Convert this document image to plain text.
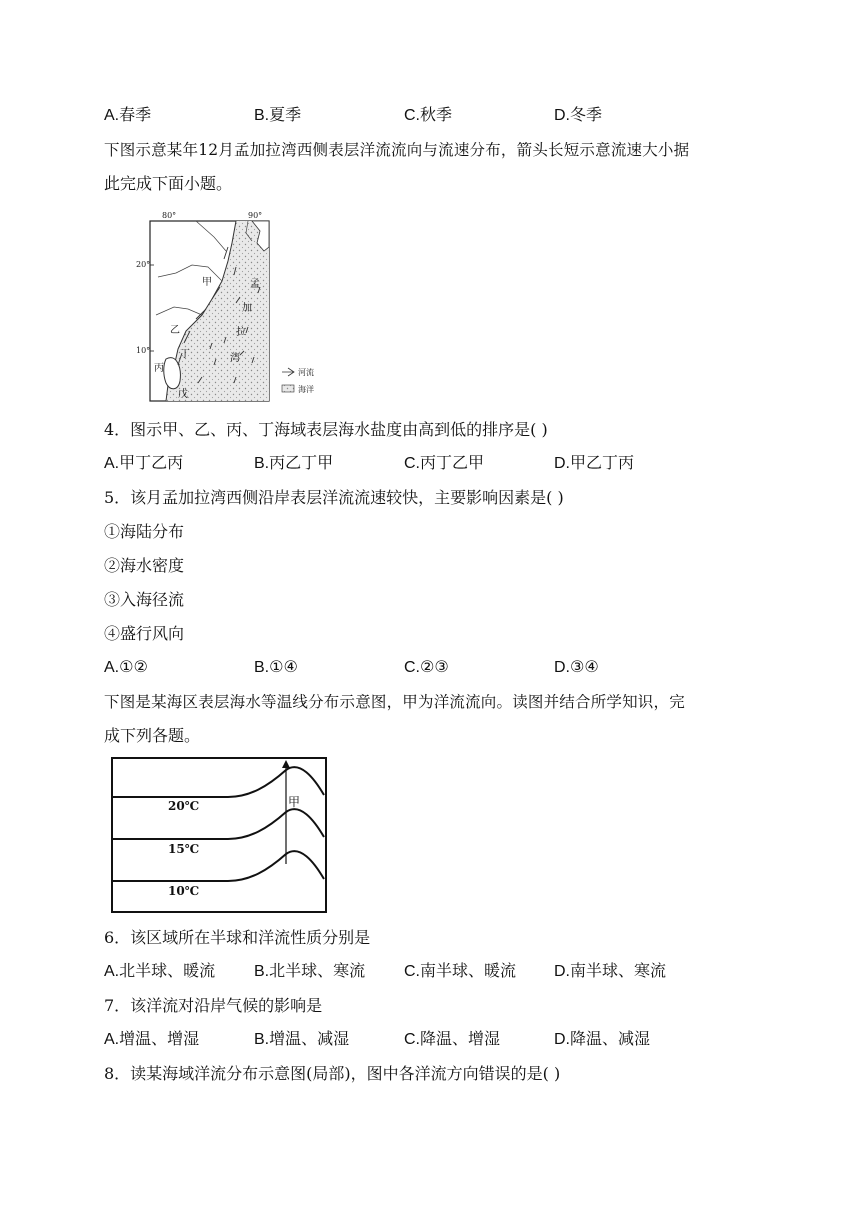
A.春季	B.夏季	C.秋季	D.冬季
下图示意某年12月孟加拉湾西侧表层洋流流向与流速分布，箭头长短示意流速大小据
此完成下面小题。
80°	90°
20°
10°
甲
乙
丙
丁
戊
孟
加
拉
湾
河流
海洋
4．图示甲、乙、丙、丁海域表层海水盐度由高到低的排序是( )
A.甲丁乙丙	B.丙乙丁甲	C.丙丁乙甲	D.甲乙丁丙
5．该月孟加拉湾西侧沿岸表层洋流流速较快，主要影响因素是( )
①海陆分布
②海水密度
③入海径流
④盛行风向
A.①②	B.①④	C.②③	D.③④
下图是某海区表层海水等温线分布示意图，甲为洋流流向。读图并结合所学知识，完
成下列各题。
20℃
15℃
10℃
甲
6．该区域所在半球和洋流性质分别是
A.北半球、暖流 B.北半球、寒流 C.南半球、暖流 D.南半球、寒流
7．该洋流对沿岸气候的影响是
A.增温、增湿	B.增温、减湿	C.降温、增湿	D.降温、减湿
8．读某海域洋流分布示意图(局部)，图中各洋流方向错误的是( )
